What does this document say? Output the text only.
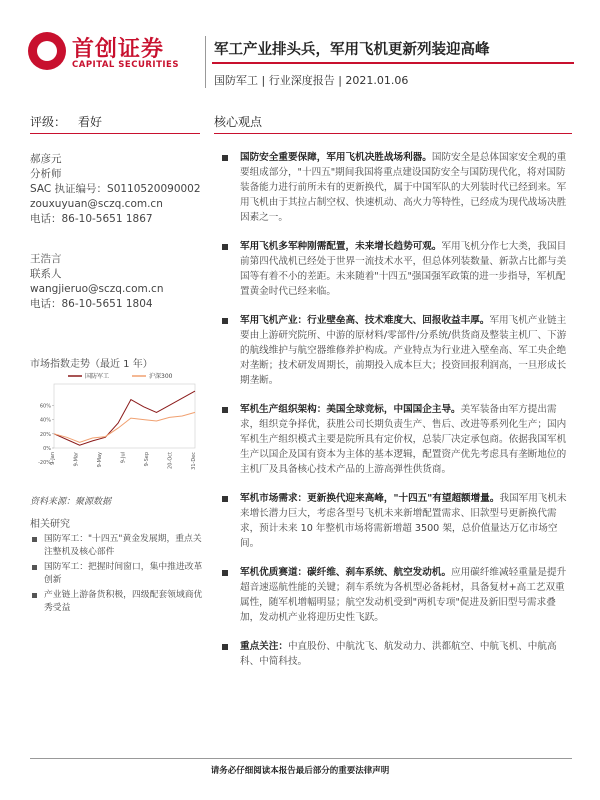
首创证券
CAPITAL SECURITIES
军工产业排头兵，军用飞机更新列装迎高峰
国防军工 | 行业深度报告 | 2021.01.06
评级： 看好	核心观点
郝彦元
分析师
SAC 执证编号：S0110520090002
zouxuyuan@sczq.com.cn
电话：86-10-5651 1867
王浩言
联系人
wangjieruo@sczq.com.cn
电话：86-10-5651 1804
市场指数走势（最近 1 年）
-20%
0%
20%
40%
60%
9-Jan	9-Mar	9-May	9-Jul	9-Sep	20-Oct	31-Dec
国防军工	沪深300
资料来源：聚源数据
相关研究
国防军工："十四五"黄金发展期，重点关注整机及核心部件
国防军工：把握时间窗口，集中推进改革创新
产业链上游备货积极，四级配套领域商优秀受益
国防安全重要保障，军用飞机决胜战场利器。国防安全是总体国家安全观的重要组成部分，"十四五"期间我国将重点建设国防安全与国防现代化，将对国防装备能力进行前所未有的更新换代，属于中国军队的大列装时代已经到来。军用飞机由于其拉占制空权、快速机动、高火力等特性，已经成为现代战场决胜因素之一。
军用飞机多军种刚需配置，未来增长趋势可观。军用飞机分作七大类，我国目前第四代战机已经处于世界一流技术水平，但总体列装数量、新款占比都与美国等有着不小的差距。未来随着"十四五"强国强军政策的进一步指导，军机配置黄金时代已经来临。
军用飞机产业：行业壁垒高、技术难度大、回报收益丰厚。军用飞机产业链主要由上游研究院所、中游的原材料/零部件/分系统/供货商及整装主机厂、下游的航线维护与航空器维修养护构成。产业特点为行业进入壁垒高、军工央企绝对垄断；技术研发周期长，前期投入成本巨大；投资回报利润高，一旦形成长期垄断。
军机生产组织架构：美国全球竞标，中国国企主导。美军装备由军方提出需求，组织竞争择优，获胜公司长期负责生产、售后、改进等系列化生产；国内军机生产组织模式主要是院所具有定价权，总装厂决定承包商。依据我国军机生产以国企及国有资本为主体的基本逻辑，配置资产优先考虑具有垄断地位的主机厂及具备核心技术产品的上游高弹性供货商。
军机市场需求：更新换代迎来高峰，"十四五"有望超额增量。我国军用飞机未来增长潜力巨大，考虑各型号飞机未来新增配置需求、旧款型号更新换代需求，预计未来 10 年整机市场将需新增超 3500 架，总价值量达万亿市场空间。
军机优质赛道：碳纤维、刹车系统、航空发动机。应用碳纤维减轻重量是提升超音速巡航性能的关键；刹车系统为各机型必备耗材，具备复材+高工艺双重属性，随军机增幅明显；航空发动机受到"两机专项"促进及新旧型号需求叠加，发动机产业将迎历史性飞跃。
重点关注：中直股份、中航沈飞、航发动力、洪都航空、中航飞机、中航高科、中简科技。
请务必仔细阅读本报告最后部分的重要法律声明
